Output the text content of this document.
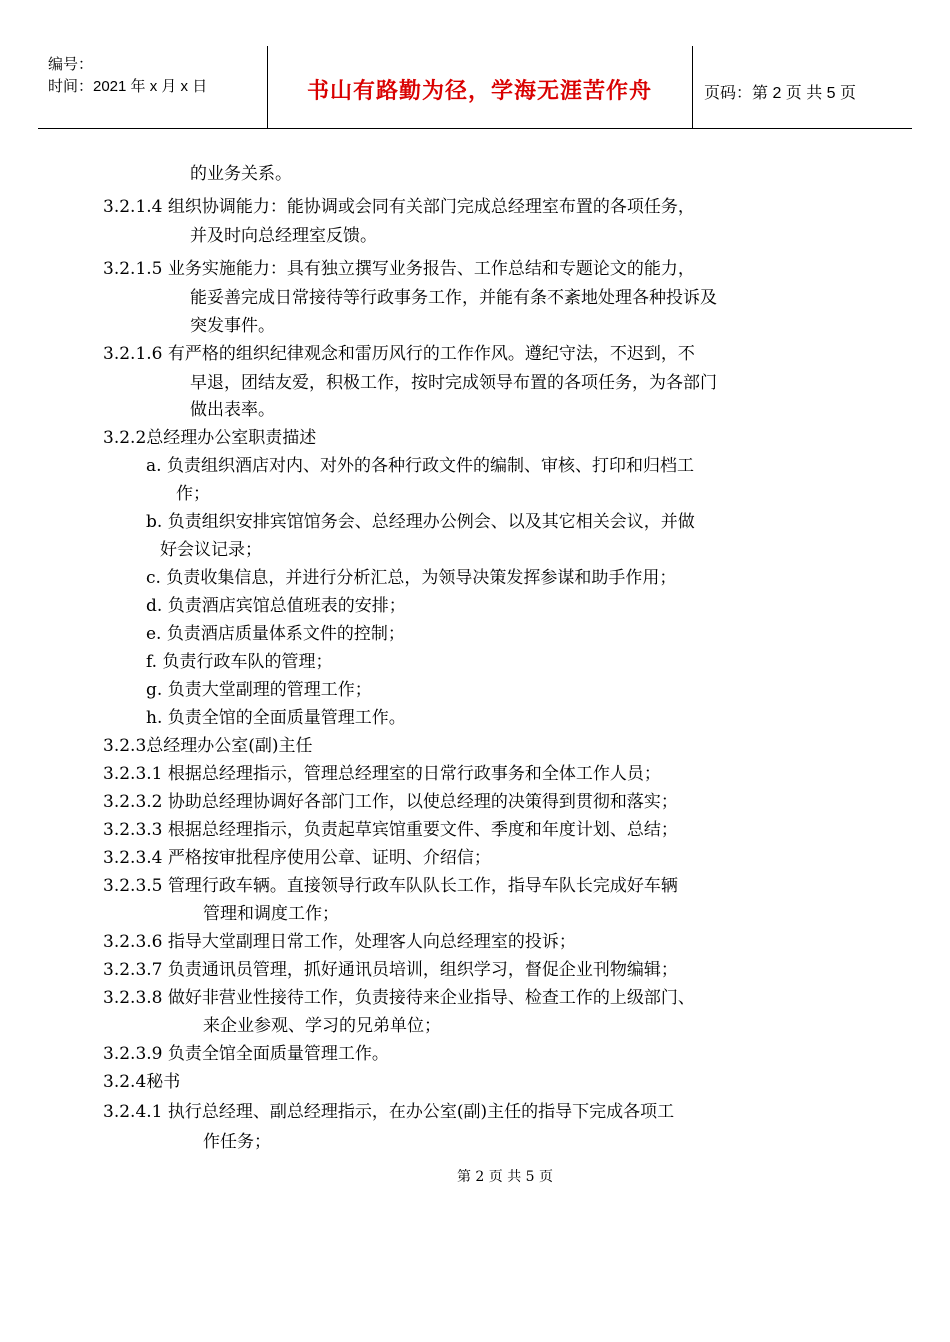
编号：
时间：2021 年 x 月 x 日	书山有路勤为径，学海无涯苦作舟	页码：第 2 页 共 5 页
的业务关系。
3.2.1.4 组织协调能力：能协调或会同有关部门完成总经理室布置的各项任务，
并及时向总经理室反馈。
3.2.1.5 业务实施能力：具有独立撰写业务报告、工作总结和专题论文的能力，
能妥善完成日常接待等行政事务工作，并能有条不紊地处理各种投诉及
突发事件。
3.2.1.6 有严格的组织纪律观念和雷历风行的工作作风。遵纪守法，不迟到，不
早退，团结友爱，积极工作，按时完成领导布置的各项任务，为各部门
做出表率。
3.2.2总经理办公室职责描述
a. 负责组织酒店对内、对外的各种行政文件的编制、审核、打印和归档工
作；
b. 负责组织安排宾馆馆务会、总经理办公例会、以及其它相关会议，并做
好会议记录；
c. 负责收集信息，并进行分析汇总，为领导决策发挥参谋和助手作用；
d. 负责酒店宾馆总值班表的安排；
e. 负责酒店质量体系文件的控制；
f. 负责行政车队的管理；
g. 负责大堂副理的管理工作；
h. 负责全馆的全面质量管理工作。
3.2.3总经理办公室(副)主任
3.2.3.1 根据总经理指示，管理总经理室的日常行政事务和全体工作人员；
3.2.3.2 协助总经理协调好各部门工作，以使总经理的决策得到贯彻和落实；
3.2.3.3 根据总经理指示，负责起草宾馆重要文件、季度和年度计划、总结；
3.2.3.4 严格按审批程序使用公章、证明、介绍信；
3.2.3.5 管理行政车辆。直接领导行政车队队长工作，指导车队长完成好车辆
管理和调度工作；
3.2.3.6 指导大堂副理日常工作，处理客人向总经理室的投诉；
3.2.3.7 负责通讯员管理，抓好通讯员培训，组织学习，督促企业刊物编辑；
3.2.3.8 做好非营业性接待工作，负责接待来企业指导、检查工作的上级部门、
来企业参观、学习的兄弟单位；
3.2.3.9 负责全馆全面质量管理工作。
3.2.4秘书
3.2.4.1 执行总经理、副总经理指示，在办公室(副)主任的指导下完成各项工
作任务；
第 2 页 共 5 页
